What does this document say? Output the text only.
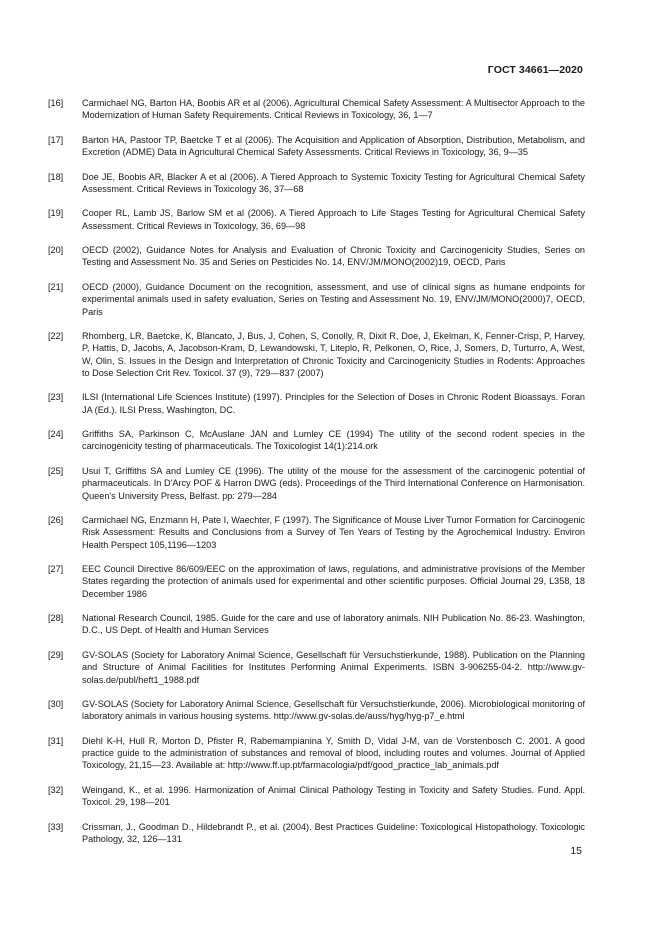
ГОСТ 34661—2020
[16]	Carmichael NG, Barton HA, Boobis AR et al (2006). Agricultural Chemical Safety Assessment: A Multisector Approach to the Modernization of Human Safety Requirements. Critical Reviews in Toxicology, 36, 1—7
[17]	Barton HA, Pastoor TP, Baetcke T et al (2006). The Acquisition and Application of Absorption, Distribution, Metabolism, and Excretion (ADME) Data in Agricultural Chemical Safety Assessments. Critical Reviews in Toxicology, 36, 9—35
[18]	Doe JE, Boobis AR, Blacker A et al (2006). A Tiered Approach to Systemic Toxicity Testing for Agricultural Chemical Safety Assessment. Critical Reviews in Toxicology 36, 37—68
[19]	Cooper RL, Lamb JS, Barlow SM et al (2006). A Tiered Approach to Life Stages Testing for Agricultural Chemical Safety Assessment. Critical Reviews in Toxicology, 36, 69—98
[20]	OECD (2002), Guidance Notes for Analysis and Evaluation of Chronic Toxicity and Carcinogenicity Studies, Series on Testing and Assessment No. 35 and Series on Pesticides No. 14, ENV/JM/MONO(2002)19, OECD, Paris
[21]	OECD (2000), Guidance Document on the recognition, assessment, and use of clinical signs as humane endpoints for experimental animals used in safety evaluation, Series on Testing and Assessment No. 19, ENV/JM/MONO(2000)7, OECD, Paris
[22]	Rhomberg, LR, Baetcke, K, Blancato, J, Bus, J, Cohen, S, Conolly, R, Dixit R, Doe, J, Ekelman, K, Fenner-Crisp, P, Harvey, P, Hattis, D, Jacobs, A, Jacobson-Kram, D, Lewandowski, T, Liteplo, R, Pelkonen, O, Rice, J, Somers, D, Turturro, A, West, W, Olin, S. Issues in the Design and Interpretation of Chronic Toxicity and Carcinogenicity Studies in Rodents: Approaches to Dose Selection Crit Rev. Toxicol. 37 (9), 729—837 (2007)
[23]	ILSI (International Life Sciences Institute) (1997). Principles for the Selection of Doses in Chronic Rodent Bioassays. Foran JA (Ed.). ILSI Press, Washington, DC.
[24]	Griffiths SA, Parkinson C, McAuslane JAN and Lumley CE (1994) The utility of the second rodent species in the carcinogenicity testing of pharmaceuticals. The Toxicologist 14(1):214.ork
[25]	Usui T, Griffiths SA and Lumley CE (1996). The utility of the mouse for the assessment of the carcinogenic potential of pharmaceuticals. In D'Arcy POF & Harron DWG (eds). Proceedings of the Third International Conference on Harmonisation. Queen's University Press, Belfast. pp: 279—284
[26]	Carmichael NG, Enzmann H, Pate I, Waechter, F (1997). The Significance of Mouse Liver Tumor Formation for Carcinogenic Risk Assessment: Results and Conclusions from a Survey of Ten Years of Testing by the Agrochemical Industry. Environ Health Perspect 105,1196—1203
[27]	EEC Council Directive 86/609/EEC on the approximation of laws, regulations, and administrative provisions of the Member States regarding the protection of animals used for experimental and other scientific purposes. Official Journal 29, L358, 18 December 1986
[28]	National Research Council, 1985. Guide for the care and use of laboratory animals. NIH Publication No. 86-23. Washington, D.C., US Dept. of Health and Human Services
[29]	GV-SOLAS (Society for Laboratory Animal Science, Gesellschaft für Versuchstierkunde, 1988). Publication on the Planning and Structure of Animal Facilities for Institutes Performing Animal Experiments. ISBN 3-906255-04-2. http://www.gv-solas.de/publ/heft1_1988.pdf
[30]	GV-SOLAS (Society for Laboratory Animal Science, Gesellschaft für Versuchstierkunde, 2006). Microbiological monitoring of laboratory animals in various housing systems. http://www.gv-solas.de/auss/hyg/hyg-p7_e.html
[31]	Diehl K-H, Hull R, Morton D, Pfister R, Rabemampianina Y, Smith D, Vidal J-M, van de Vorstenbosch C. 2001. A good practice guide to the administration of substances and removal of blood, including routes and volumes. Journal of Applied Toxicology, 21,15—23. Available at: http://www.ff.up.pt/farmacologia/pdf/good_practice_lab_animals.pdf
[32]	Weingand, K., et al. 1996. Harmonization of Animal Clinical Pathology Testing in Toxicity and Safety Studies. Fund. Appl. Toxicol. 29, 198—201
[33]	Crissman, J., Goodman D., Hildebrandt P., et al. (2004). Best Practices Guideline: Toxicological Histopathology. Toxicologic Pathology, 32, 126—131
15
